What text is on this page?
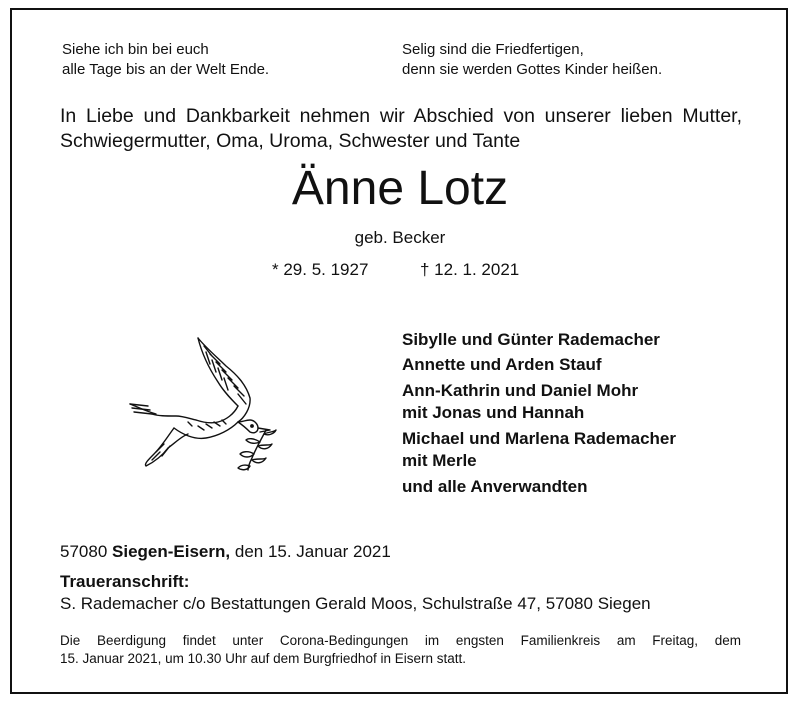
Siehe ich bin bei euch
alle Tage bis an der Welt Ende.
Selig sind die Friedfertigen,
denn sie werden Gottes Kinder heißen.
In Liebe und Dankbarkeit nehmen wir Abschied von unserer lieben Mutter,
Schwiegermutter, Oma, Uroma, Schwester und Tante
Änne Lotz
geb. Becker
* 29. 5. 1927	† 12. 1. 2021
Sibylle und Günter Rademacher
Annette und Arden Stauf
Ann-Kathrin und Daniel Mohr
mit Jonas und Hannah
Michael und Marlena Rademacher
mit Merle
und alle Anverwandten
57080 Siegen-Eisern, den 15. Januar 2021
Traueranschrift:
S. Rademacher c/o Bestattungen Gerald Moos, Schulstraße 47, 57080 Siegen
Die Beerdigung findet unter Corona-Bedingungen im engsten Familienkreis am Freitag, dem
15. Januar 2021, um 10.30 Uhr auf dem Burgfriedhof in Eisern statt.
